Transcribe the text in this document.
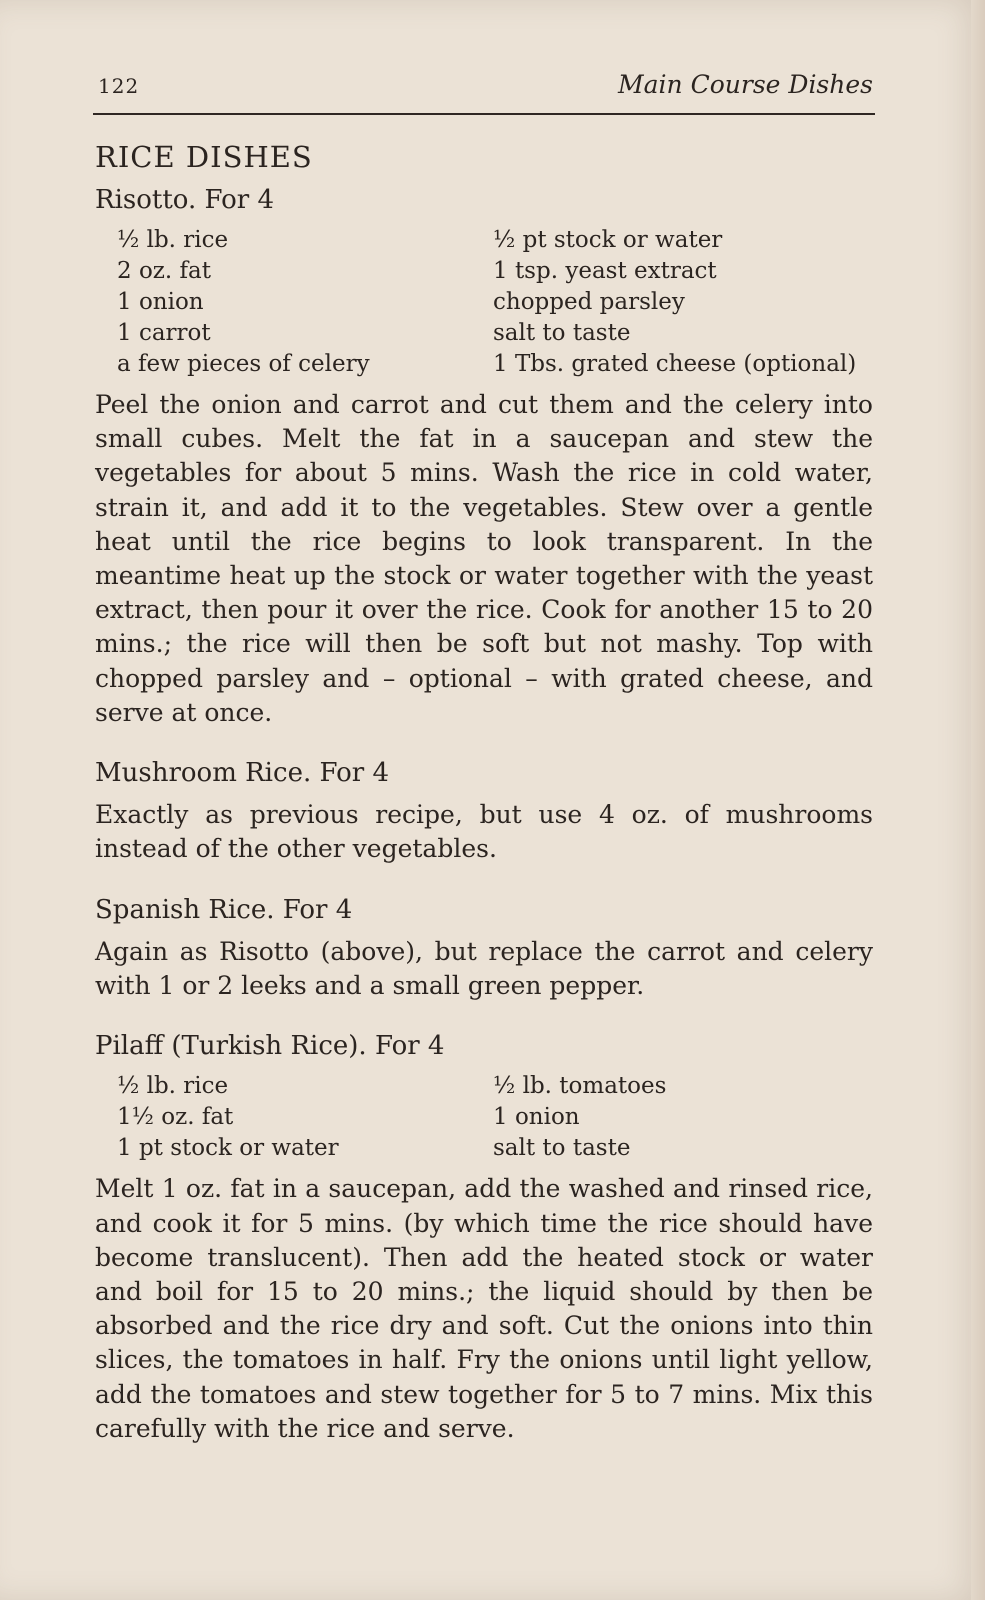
122	Main Course Dishes
RICE DISHES
Risotto. For 4
½ lb. rice
2 oz. fat
1 onion
1 carrot
a few pieces of celery
½ pt stock or water
1 tsp. yeast extract
chopped parsley
salt to taste
1 Tbs. grated cheese (optional)

Peel the onion and carrot and cut them and the celery into small cubes. Melt the fat in a saucepan and stew the vegetables for about 5 mins. Wash the rice in cold water, strain it, and add it to the vegetables. Stew over a gentle heat until the rice begins to look transparent. In the meantime heat up the stock or water together with the yeast extract, then pour it over the rice. Cook for another 15 to 20 mins.; the rice will then be soft but not mashy. Top with chopped parsley and – optional – with grated cheese, and serve at once.

Mushroom Rice. For 4

Exactly as previous recipe, but use 4 oz. of mushrooms instead of the other vegetables.

Spanish Rice. For 4

Again as Risotto (above), but replace the carrot and celery with 1 or 2 leeks and a small green pepper.

Pilaff (Turkish Rice). For 4
½ lb. rice
1½ oz. fat
1 pt stock or water
½ lb. tomatoes
1 onion
salt to taste

Melt 1 oz. fat in a saucepan, add the washed and rinsed rice, and cook it for 5 mins. (by which time the rice should have become translucent). Then add the heated stock or water and boil for 15 to 20 mins.; the liquid should by then be absorbed and the rice dry and soft. Cut the onions into thin slices, the tomatoes in half. Fry the onions until light yellow, add the tomatoes and stew together for 5 to 7 mins. Mix this carefully with the rice and serve.
